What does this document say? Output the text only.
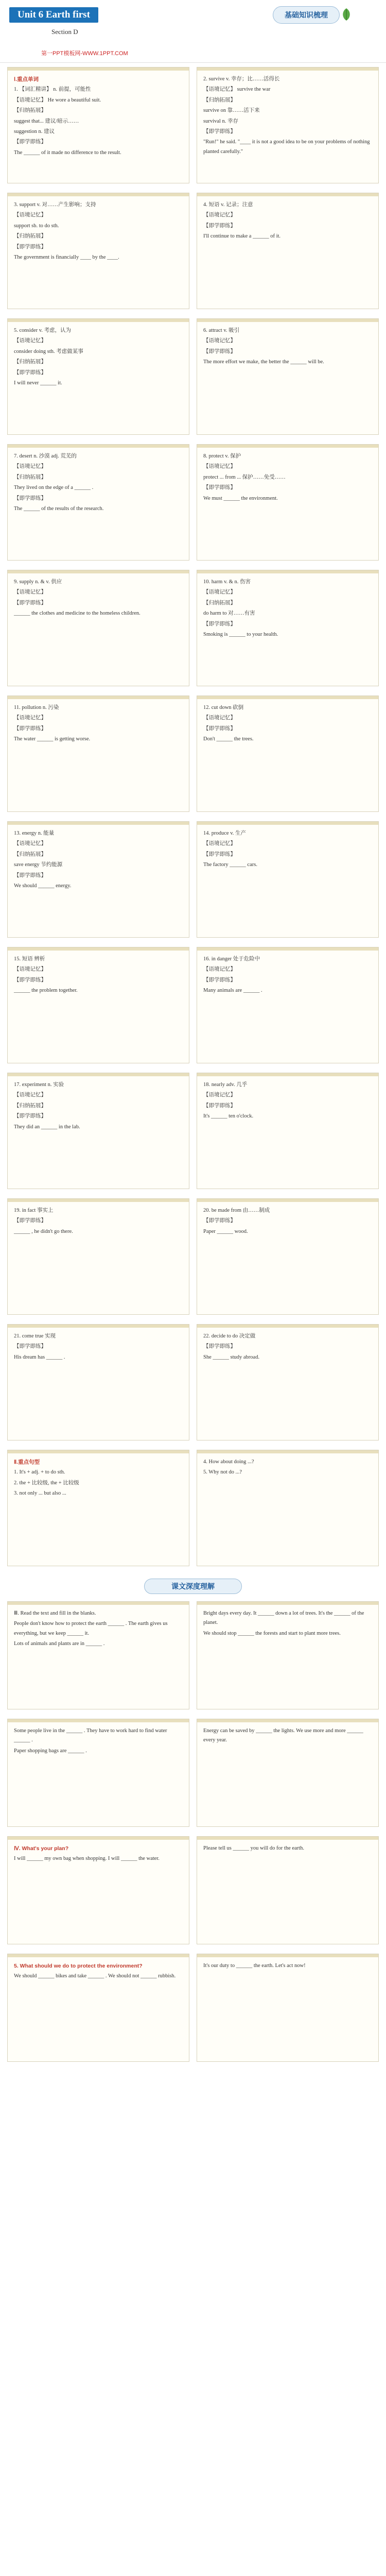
Unit 6 Earth first
Section D
第一PPT模板网-WWW.1PPT.COM
基础知识梳理

Ⅰ.重点单词

1. 【词汇精讲】 n. 前提，可能性

【语境记忆】 He wore a beautiful suit.

【归纳拓展】

suggest that... 建议/暗示……

suggestion n. 建议

【即学即练】

The ______ of it made no difference to the result.

2. survive v. 幸存；比……活得长

【语境记忆】 survive the war

【归纳拓展】

survive on 靠……活下来

survival n. 幸存

【即学即练】

"Run!" he said. "____ it is not a good idea to be on your problems of nothing planted carefully."

3. support v. 对……产生影响；支持

【语境记忆】

support sb. to do sth.

【归纳拓展】

【即学即练】

The government is financially ____ by the ____.

4. 短语 v. 记录；注意

【语境记忆】

【即学即练】

I'll continue to make a ______ of it.

5. consider v. 考虑，认为

【语境记忆】

consider doing sth. 考虑做某事

【归纳拓展】

【即学即练】

I will never ______ it.

6. attract v. 吸引

【语境记忆】

【即学即练】

The more effort we make, the better the ______ will be.

7. desert n. 沙漠 adj. 荒芜的

【语境记忆】

【归纳拓展】

They lived on the edge of a ______ .

【即学即练】

The ______ of the results of the research.

8. protect v. 保护

【语境记忆】

protect ... from ... 保护……免受……

【即学即练】

We must ______ the environment.

9. supply n. & v. 供应

【语境记忆】

【即学即练】

______ the clothes and medicine to the homeless children.

10. harm v. & n. 伤害

【语境记忆】

【归纳拓展】

do harm to 对……有害

【即学即练】

Smoking is ______ to your health.

11. pollution n. 污染

【语境记忆】

【即学即练】

The water ______ is getting worse.

12. cut down 砍倒

【语境记忆】

【即学即练】

Don't ______ the trees.

13. energy n. 能量

【语境记忆】

【归纳拓展】

save energy 节约能源

【即学即练】

We should ______ energy.

14. produce v. 生产

【语境记忆】

【即学即练】

The factory ______ cars.

15. 短语 辨析

【语境记忆】

【即学即练】

______ the problem together.

16. in danger 处于危险中

【语境记忆】

【即学即练】

Many animals are ______ .

17. experiment n. 实验

【语境记忆】

【归纳拓展】

【即学即练】

They did an ______ in the lab.

18. nearly adv. 几乎

【语境记忆】

【即学即练】

It's ______ ten o'clock.

19. in fact 事实上

【即学即练】

______ , he didn't go there.

20. be made from 由……制成

【即学即练】

Paper ______ wood.

21. come true 实现

【即学即练】

His dream has ______ .

22. decide to do 决定做

【即学即练】

She ______ study abroad.

Ⅱ.重点句型

1. It's + adj. + to do sth.

2. the + 比较级, the + 比较级

3. not only ... but also ...

4. How about doing ...?

5. Why not do ...?

课文深度理解

Ⅲ. Read the text and fill in the blanks.

People don't know how to protect the earth ______ . The earth gives us everything, but we keep ______ it.

Lots of animals and plants are in ______ .

Bright days every day. It ______ down a lot of trees. It's the ______ of the planet.

We should stop ______ the forests and start to plant more trees.

Some people live in the ______ . They have to work hard to find water ______ .

Paper shopping bags are ______ .

Energy can be saved by ______ the lights. We use more and more ______ every year.

Ⅳ. What's your plan?

I will ______ my own bag when shopping. I will ______ the water.

Please tell us ______ you will do for the earth.

5. What should we do to protect the environment?

We should ______ bikes and take ______ . We should not ______ rubbish.

It's our duty to ______ the earth. Let's act now!
